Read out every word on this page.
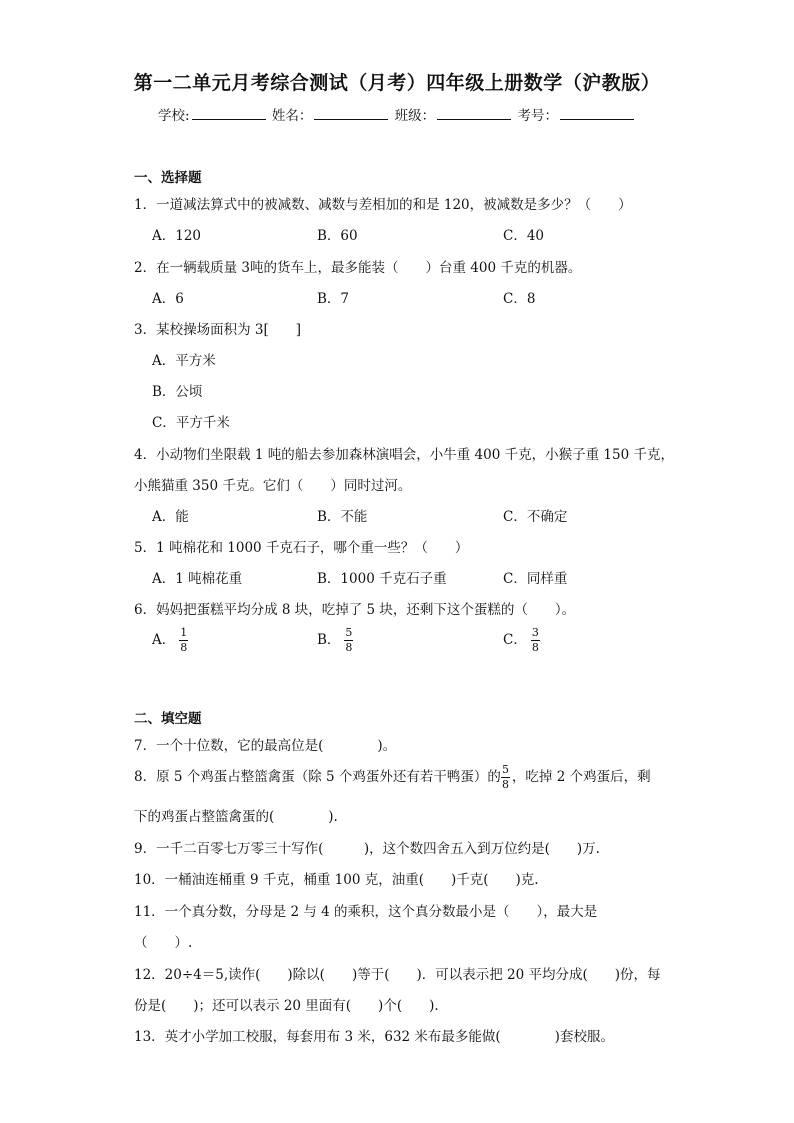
第一二单元月考综合测试（月考）四年级上册数学（沪教版）
学校:	姓名：	班级：	考号：
一、选择题
1．一道减法算式中的被减数、减数与差相加的和是 120，被减数是多少？（　　）
A．120	B．60	C．40
2．在一辆载质量 3吨的货车上，最多能装（　　）台重 400 千克的机器。
A．6	B．7	C．8
3．某校操场面积为 3[　　]
A．平方米
B．公顷
C．平方千米
4．小动物们坐限载 1 吨的船去参加森林演唱会，小牛重 400 千克，小猴子重 150 千克，
小熊猫重 350 千克。它们（　　）同时过河。
A．能	B．不能	C．不确定
5．1 吨棉花和 1000 千克石子，哪个重一些？（　　）
A．1 吨棉花重	B．1000 千克石子重	C．同样重
6．妈妈把蛋糕平均分成 8 块，吃掉了 5 块，还剩下这个蛋糕的（　　）。
A． $\frac{1}{8}$	B． $\frac{5}{8}$	C． $\frac{3}{8}$
二、填空题
7．一个十位数，它的最高位是(　　　　)。
8．原 5 个鸡蛋占整篮禽蛋（除 5 个鸡蛋外还有若干鸭蛋）的 $\frac{5}{8}$ ，吃掉 2 个鸡蛋后，剩
下的鸡蛋占整篮禽蛋的(　　　　).
9．一千二百零七万零三十写作(　　　)，这个数四舍五入到万位约是(　　)万.
10．一桶油连桶重 9 千克，桶重 100 克，油重(　　)千克(　　)克.
11．一个真分数，分母是 2 与 4 的乘积，这个真分数最小是（　　），最大是
（　　）.
12．20÷4＝5,读作(　　)除以(　　)等于(　　)．可以表示把 20 平均分成(　　)份，每
份是(　　)；还可以表示 20 里面有(　　)个(　　).
13．英才小学加工校服，每套用布 3 米，632 米布最多能做(　　　　)套校服。
